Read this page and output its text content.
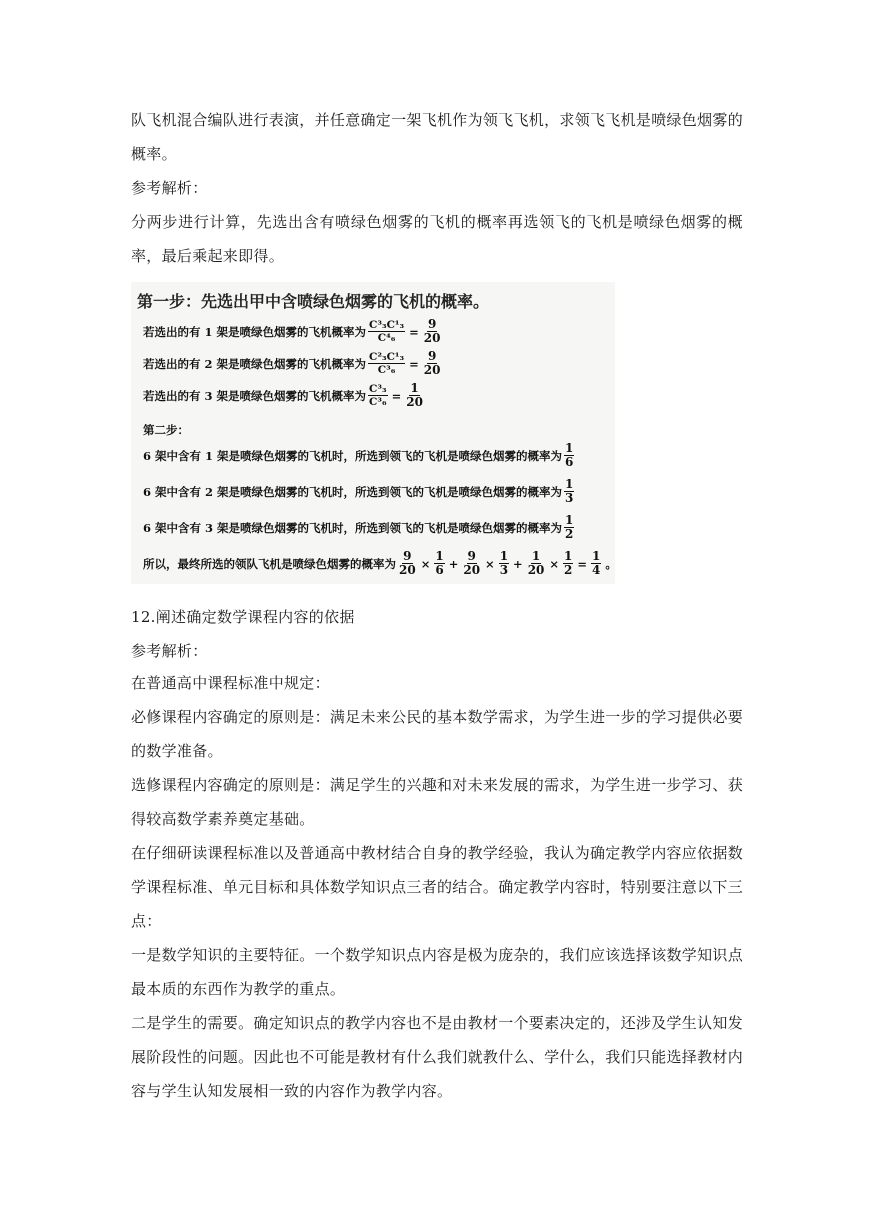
队飞机混合编队进行表演，并任意确定一架飞机作为领飞飞机，求领飞飞机是喷绿色烟雾的概率。

参考解析：

分两步进行计算，先选出含有喷绿色烟雾的飞机的概率再选领飞的飞机是喷绿色烟雾的概率，最后乘起来即得。

第一步：先选出甲中含喷绿色烟雾的飞机的概率。
若选出的有 1 架是喷绿色烟雾的飞机概率为 $\frac{\text{C³₃C¹₃}}{\text{C⁴₆}} = \frac{9}{20}$
若选出的有 2 架是喷绿色烟雾的飞机概率为 $\frac{\text{C²₃C¹₃}}{\text{C³₆}} = \frac{9}{20}$
若选出的有 3 架是喷绿色烟雾的飞机概率为 $\frac{\text{C³₃}}{\text{C³₆}} = \frac{1}{20}$
第二步：
6 架中含有 1 架是喷绿色烟雾的飞机时，所选到领飞的飞机是喷绿色烟雾的概率为 $\frac{1}{6}$
6 架中含有 2 架是喷绿色烟雾的飞机时，所选到领飞的飞机是喷绿色烟雾的概率为 $\frac{1}{3}$
6 架中含有 3 架是喷绿色烟雾的飞机时，所选到领飞的飞机是喷绿色烟雾的概率为 $\frac{1}{2}$
所以，最终所选的领队飞机是喷绿色烟雾的概率为 $\frac{9}{20} \times \frac{1}{6} + \frac{9}{20} \times \frac{1}{3} + \frac{1}{20} \times \frac{1}{2} = \frac{1}{4}$ 。

12.阐述确定数学课程内容的依据

参考解析：

在普通高中课程标准中规定：

必修课程内容确定的原则是：满足未来公民的基本数学需求，为学生进一步的学习提供必要的数学准备。

选修课程内容确定的原则是：满足学生的兴趣和对未来发展的需求，为学生进一步学习、获得较高数学素养奠定基础。

在仔细研读课程标准以及普通高中教材结合自身的教学经验，我认为确定教学内容应依据数学课程标准、单元目标和具体数学知识点三者的结合。确定教学内容时，特别要注意以下三点：

一是数学知识的主要特征。一个数学知识点内容是极为庞杂的，我们应该选择该数学知识点最本质的东西作为教学的重点。

二是学生的需要。确定知识点的教学内容也不是由教材一个要素决定的，还涉及学生认知发展阶段性的问题。因此也不可能是教材有什么我们就教什么、学什么，我们只能选择教材内容与学生认知发展相一致的内容作为教学内容。
